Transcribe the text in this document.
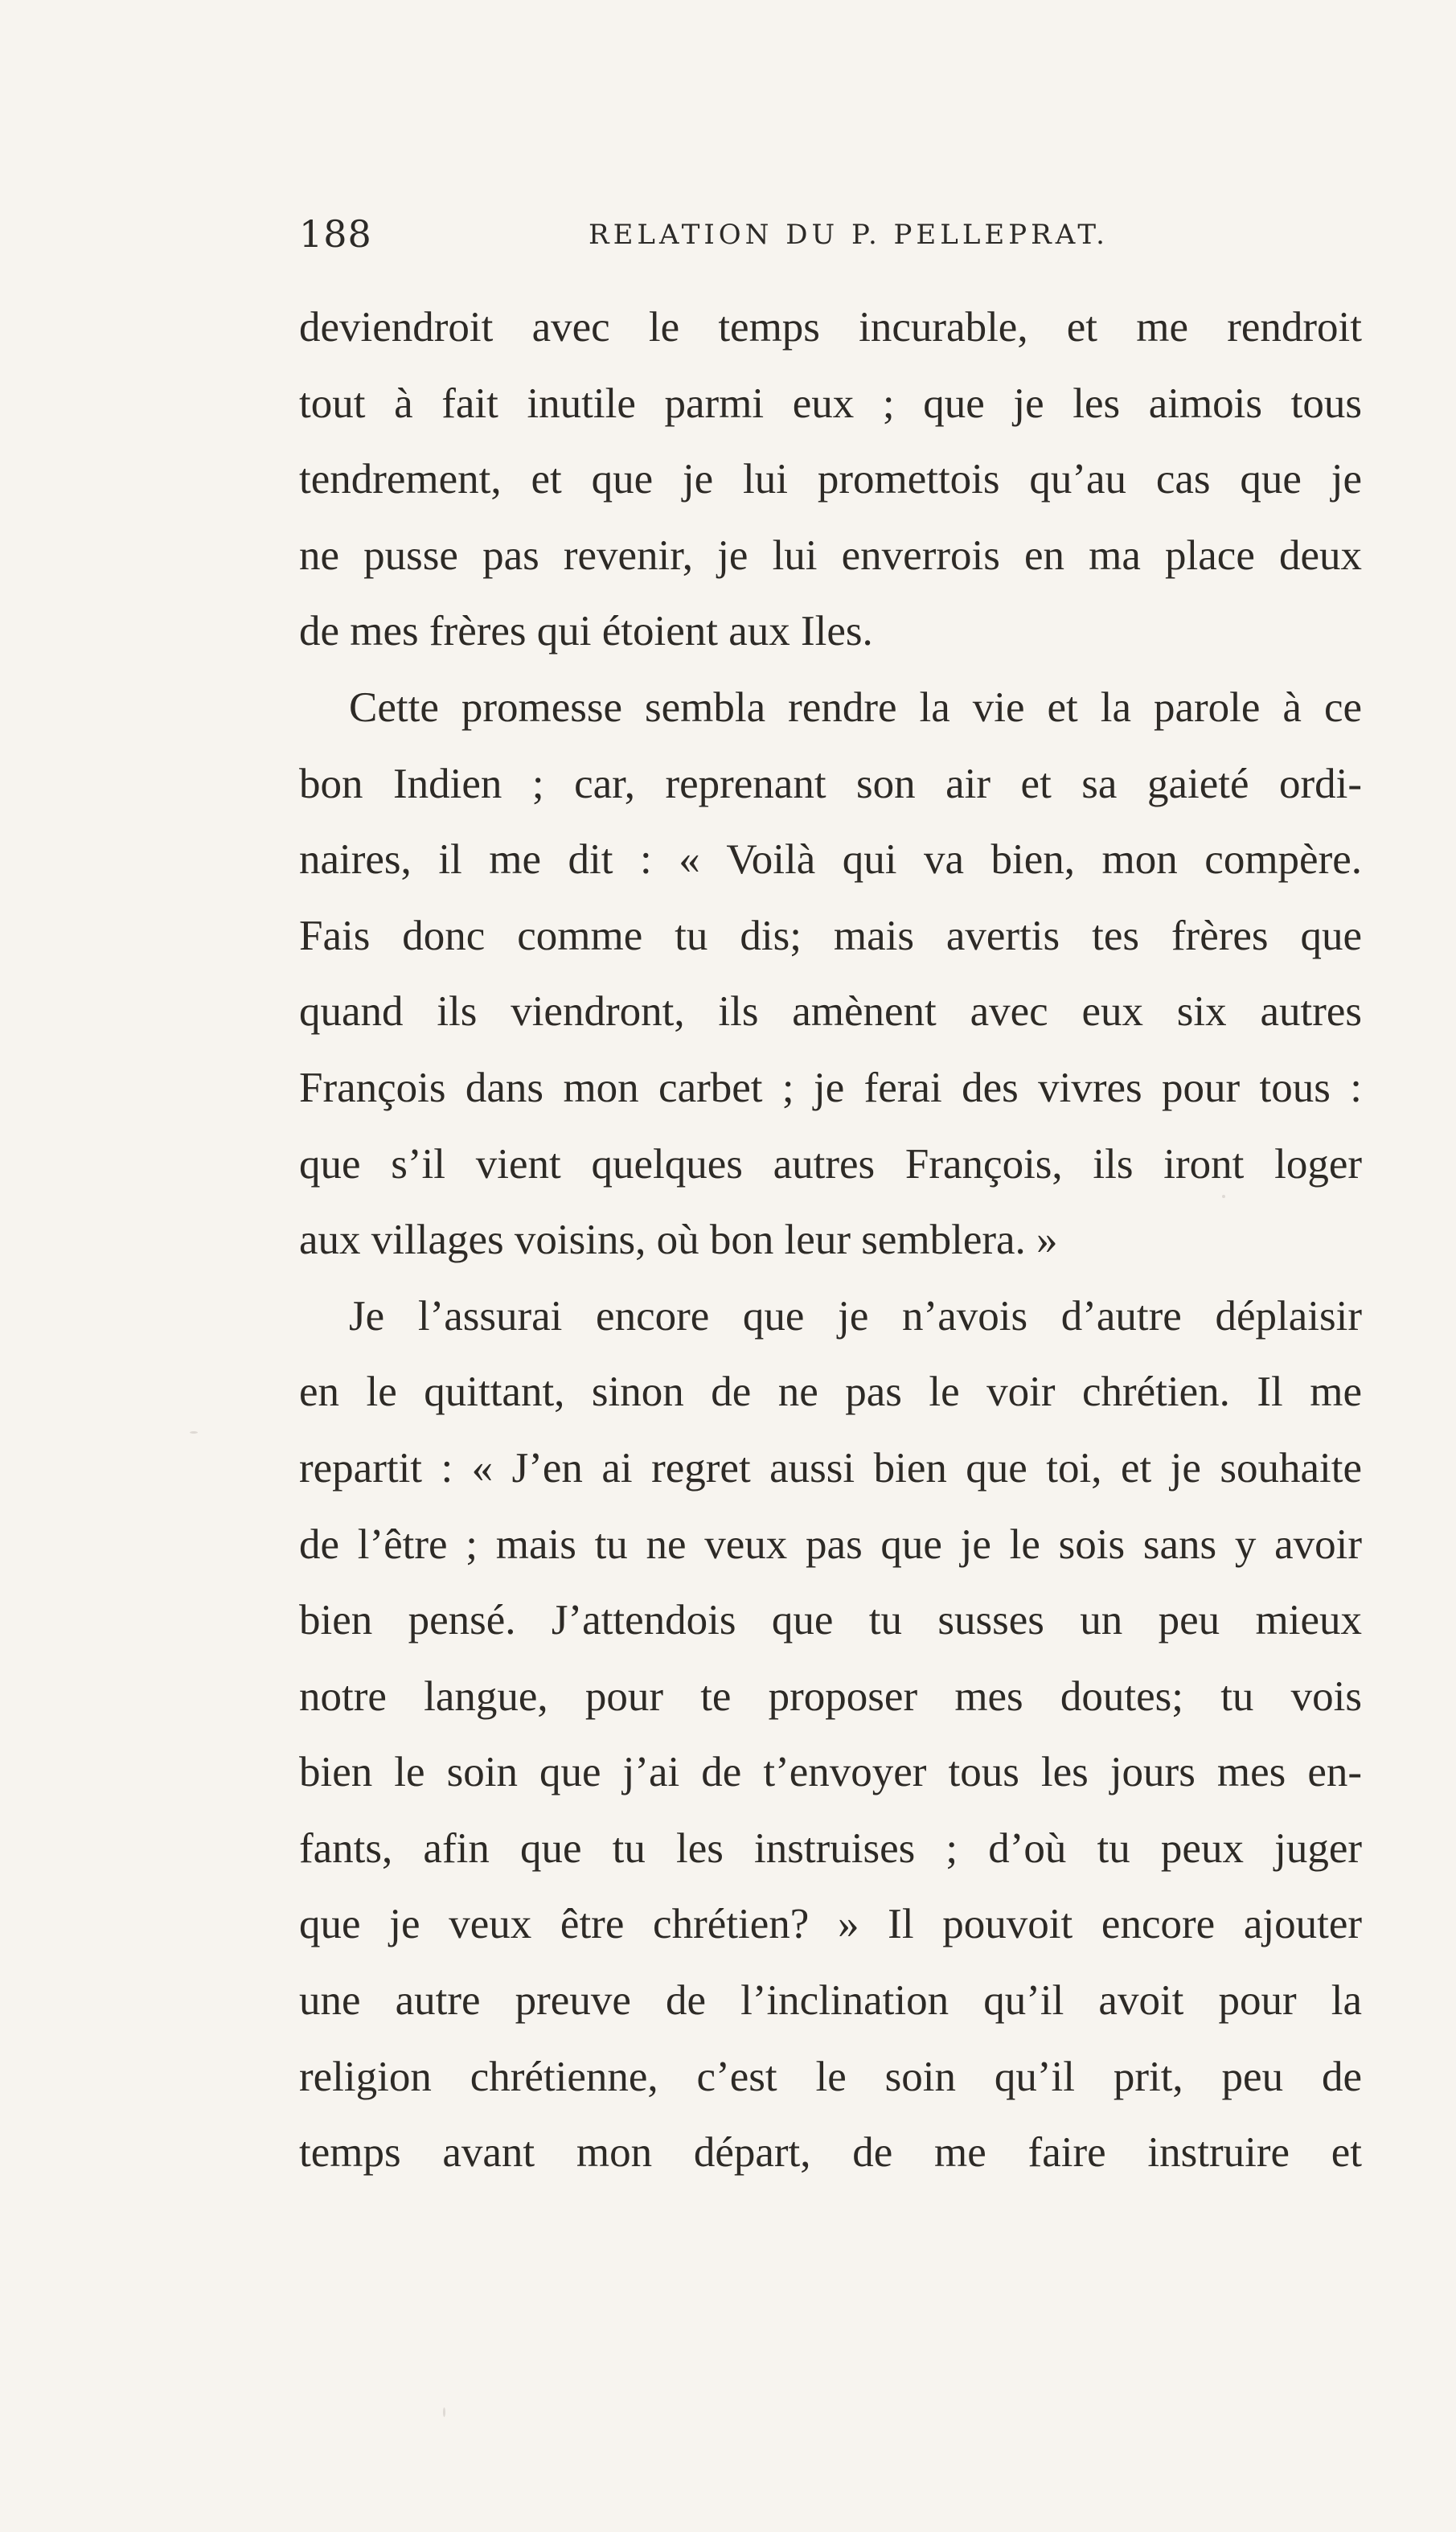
188	RELATION DU P. PELLEPRAT.
deviendroit avec le temps incurable, et me rendroit
tout à fait inutile parmi eux ; que je les aimois tous
tendrement, et que je lui promettois qu’au cas que je
ne pusse pas revenir, je lui enverrois en ma place deux
de mes frères qui étoient aux Iles.
Cette promesse sembla rendre la vie et la parole à ce
bon Indien ; car, reprenant son air et sa gaieté ordi-
naires, il me dit : « Voilà qui va bien, mon compère.
Fais donc comme tu dis; mais avertis tes frères que
quand ils viendront, ils amènent avec eux six autres
François dans mon carbet ; je ferai des vivres pour tous :
que s’il vient quelques autres François, ils iront loger
aux villages voisins, où bon leur semblera. »
Je l’assurai encore que je n’avois d’autre déplaisir
en le quittant, sinon de ne pas le voir chrétien. Il me
repartit : « J’en ai regret aussi bien que toi, et je souhaite
de l’être ; mais tu ne veux pas que je le sois sans y avoir
bien pensé. J’attendois que tu susses un peu mieux
notre langue, pour te proposer mes doutes; tu vois
bien le soin que j’ai de t’envoyer tous les jours mes en-
fants, afin que tu les instruises ; d’où tu peux juger
que je veux être chrétien? » Il pouvoit encore ajouter
une autre preuve de l’inclination qu’il avoit pour la
religion chrétienne, c’est le soin qu’il prit, peu de
temps avant mon départ, de me faire instruire et
